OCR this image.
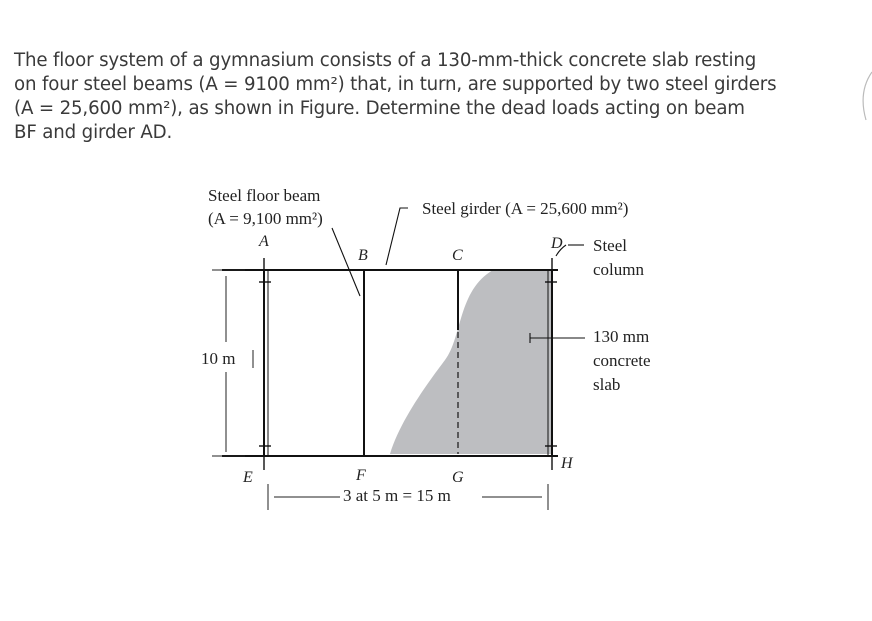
The floor system of a gymnasium consists of a 130-mm-thick concrete slab resting
on four steel beams (A = 9100 mm²) that, in turn, are supported by two steel girders
(A = 25,600 mm²), as shown in Figure. Determine the dead loads acting on beam
BF and girder AD.
10 m
3 at 5 m = 15 m
Steel floor beam
(A = 9,100 mm²)
Steel girder (A = 25,600 mm²)
Steel
column
130 mm
concrete
slab
A
B	C
D
E	F	G
H
